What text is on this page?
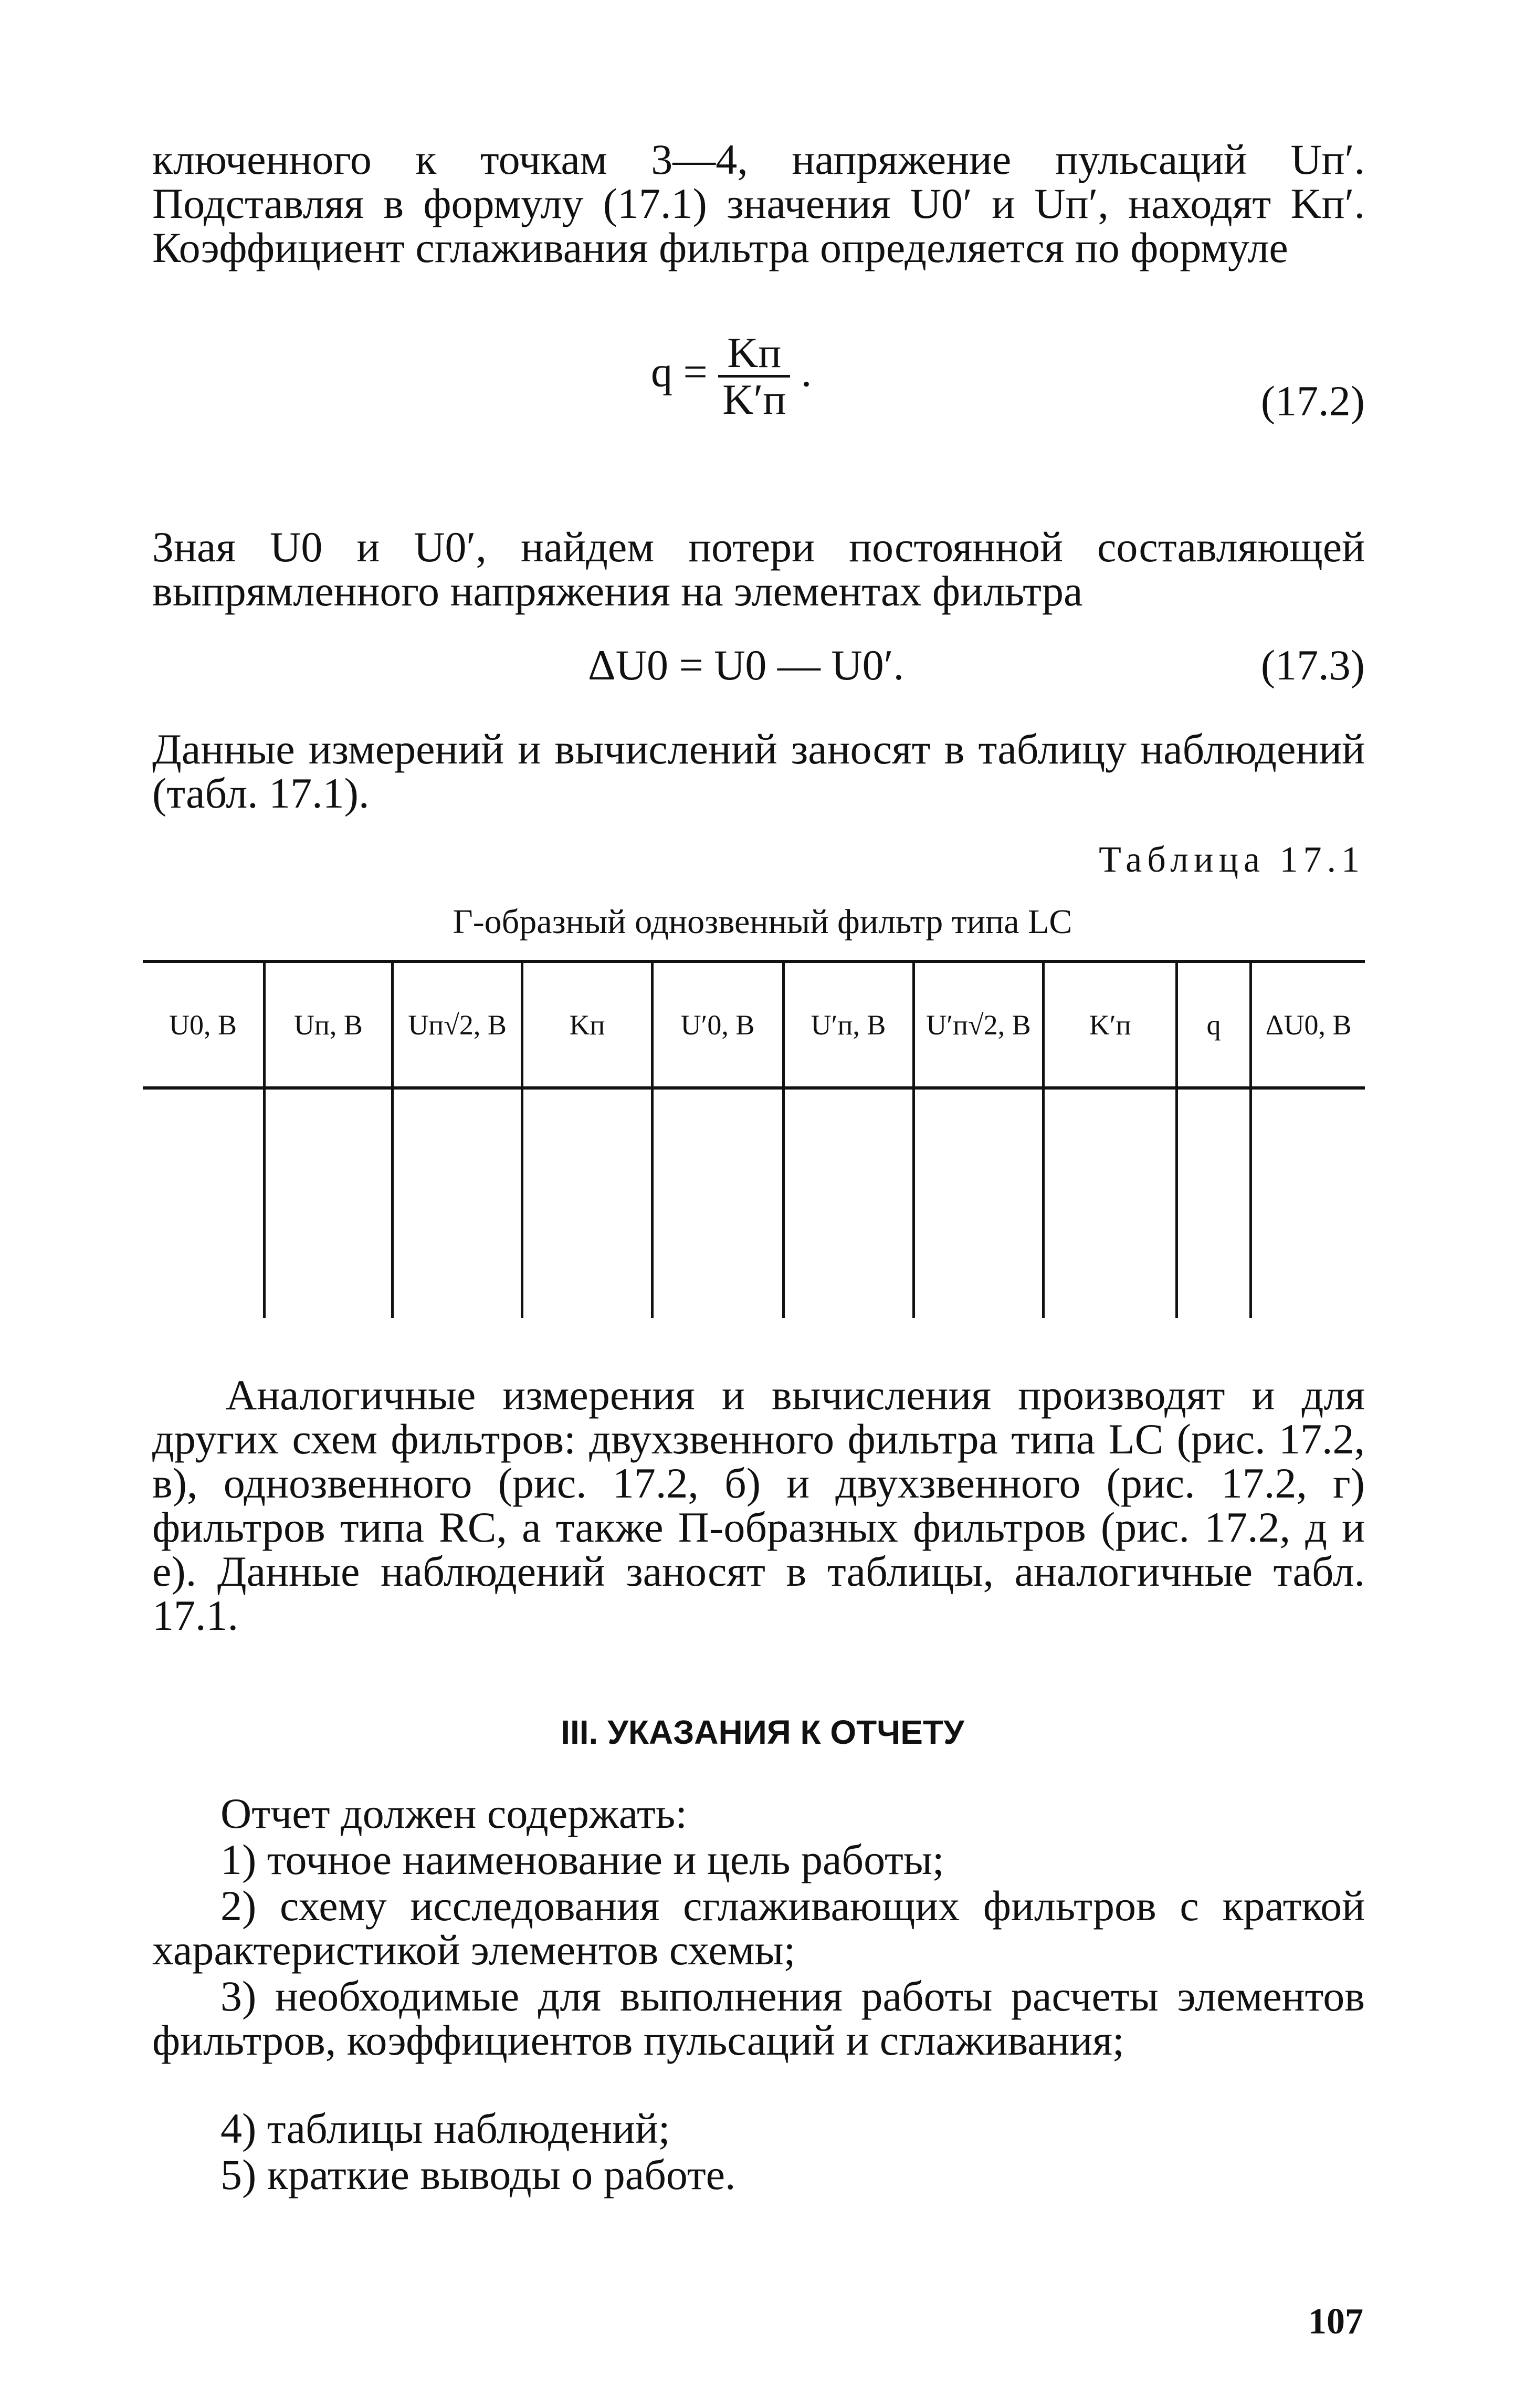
ключенного к точкам 3—4, напряжение пульсаций Uп′. Подставляя в формулу (17.1) значения U0′ и Uп′, находят Kп′. Коэффициент сглаживания фильтра определяется по формуле
$q = \frac{Kп}{K'п}$ .
(17.2)
Зная U0 и U0′, найдем потери постоянной составляющей выпрямленного напряжения на элементах фильтра
ΔU0 = U0 — U0′.	(17.3)
Данные измерений и вычислений заносят в таблицу наблюдений (табл. 17.1).
Таблица 17.1
Г-образный однозвенный фильтр типа LC
U0, В	Uп, В	Uп√2, В	Kп	U′0, В	U′п, В	U′п√2, В	K′п	q	ΔU0, В

Аналогичные измерения и вычисления производят и для других схем фильтров: двухзвенного фильтра типа LC (рис. 17.2, в), однозвенного (рис. 17.2, б) и двухзвенного (рис. 17.2, г) фильтров типа RC, а также П-образных фильтров (рис. 17.2, д и е). Данные наблюдений заносят в таблицы, аналогичные табл. 17.1.
III. УКАЗАНИЯ К ОТЧЕТУ
Отчет должен содержать:
1) точное наименование и цель работы;
2) схему исследования сглаживающих фильтров с краткой характеристикой элементов схемы;
3) необходимые для выполнения работы расчеты элементов фильтров, коэффициентов пульсаций и сглаживания;
4) таблицы наблюдений;
5) краткие выводы о работе.
107
